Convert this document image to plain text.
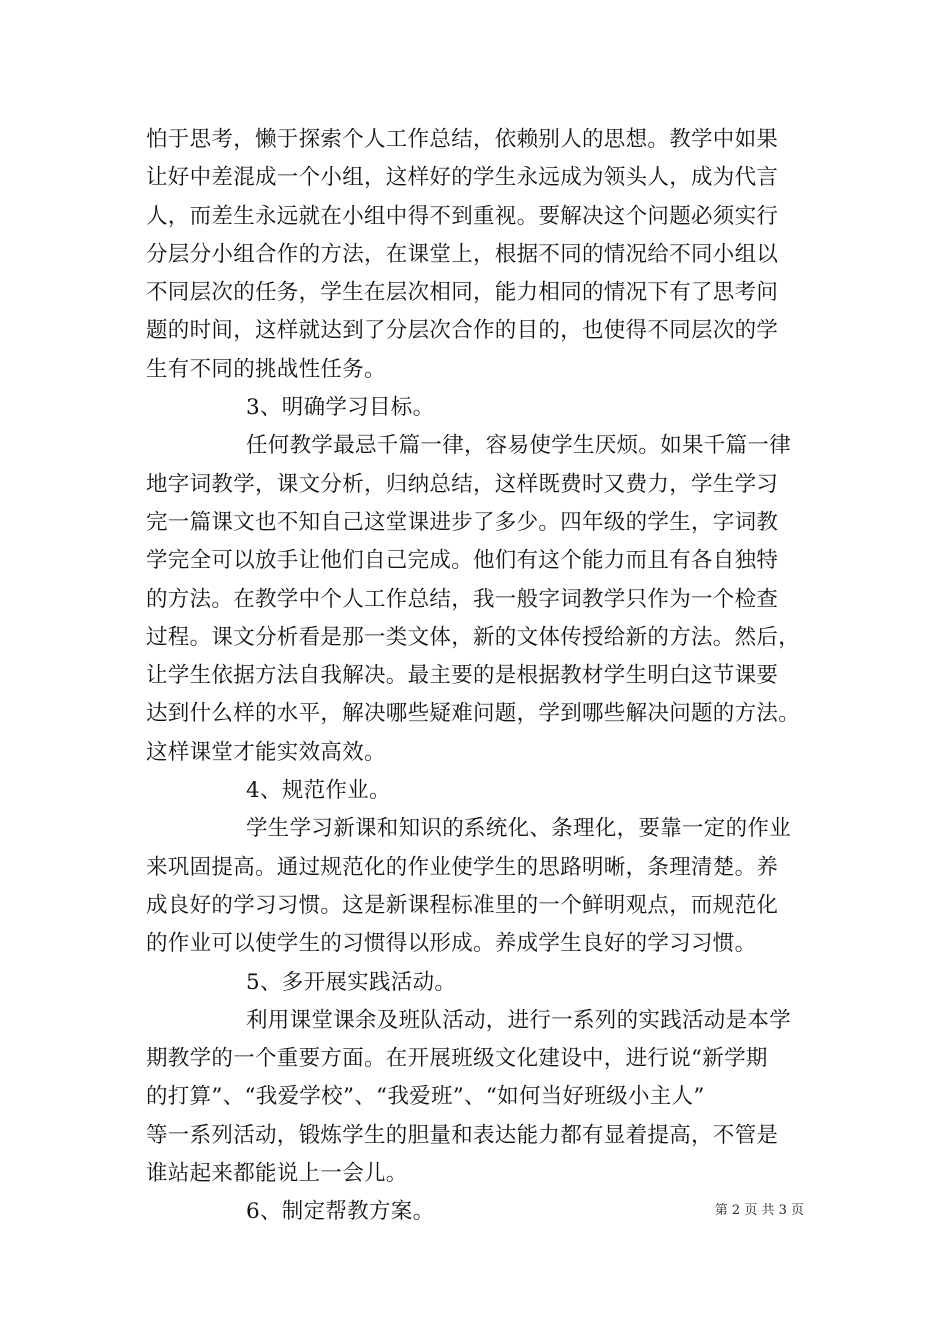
怕于思考，懒于探索个人工作总结，依赖别人的思想。教学中如果
让好中差混成一个小组，这样好的学生永远成为领头人，成为代言
人，而差生永远就在小组中得不到重视。要解决这个问题必须实行
分层分小组合作的方法，在课堂上，根据不同的情况给不同小组以
不同层次的任务，学生在层次相同，能力相同的情况下有了思考问
题的时间，这样就达到了分层次合作的目的，也使得不同层次的学
生有不同的挑战性任务。
3、明确学习目标。
任何教学最忌千篇一律，容易使学生厌烦。如果千篇一律
地字词教学，课文分析，归纳总结，这样既费时又费力，学生学习
完一篇课文也不知自己这堂课进步了多少。四年级的学生，字词教
学完全可以放手让他们自己完成。他们有这个能力而且有各自独特
的方法。在教学中个人工作总结，我一般字词教学只作为一个检查
过程。课文分析看是那一类文体，新的文体传授给新的方法。然后，
让学生依据方法自我解决。最主要的是根据教材学生明白这节课要
达到什么样的水平，解决哪些疑难问题，学到哪些解决问题的方法。
这样课堂才能实效高效。
4、规范作业。
学生学习新课和知识的系统化、条理化，要靠一定的作业
来巩固提高。通过规范化的作业使学生的思路明晰，条理清楚。养
成良好的学习习惯。这是新课程标准里的一个鲜明观点，而规范化
的作业可以使学生的习惯得以形成。养成学生良好的学习习惯。
5、多开展实践活动。
利用课堂课余及班队活动，进行一系列的实践活动是本学
期教学的一个重要方面。在开展班级文化建设中，进行说“新学期
的打算”、“我爱学校”、“我爱班”、“如何当好班级小主人”
等一系列活动，锻炼学生的胆量和表达能力都有显着提高，不管是
谁站起来都能说上一会儿。
6、制定帮教方案。	第 2 页 共 3 页
